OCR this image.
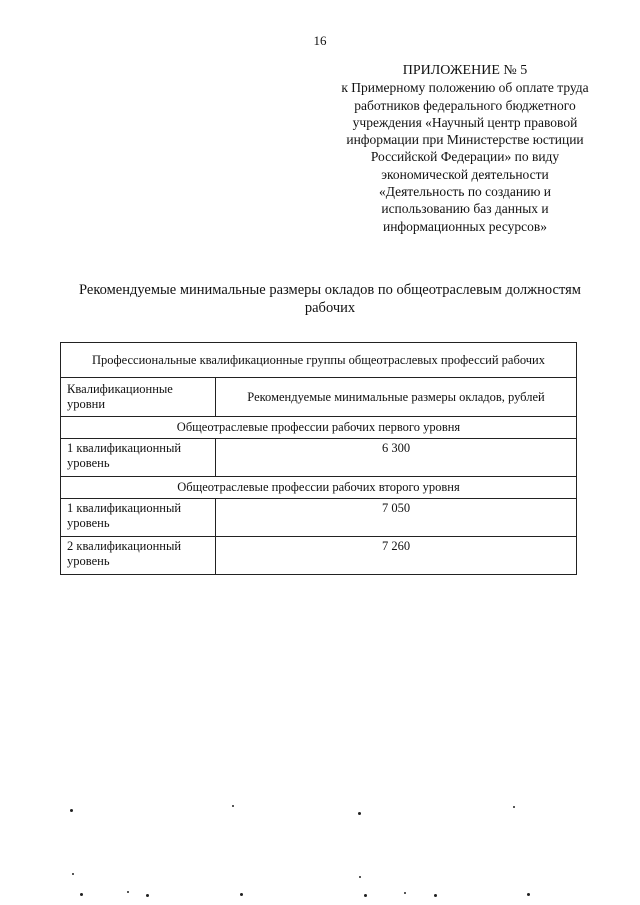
16
ПРИЛОЖЕНИЕ № 5
к Примерному положению об оплате труда
работников федерального бюджетного
учреждения «Научный центр правовой
информации при Министерстве юстиции
Российской Федерации» по виду
экономической деятельности
«Деятельность по созданию и
использованию баз данных и
информационных ресурсов»
Рекомендуемые минимальные размеры окладов по общеотраслевым должностям
рабочих
Профессиональные квалификационные группы общеотраслевых профессий рабочих	
Квалификационные уровни	Рекомендуемые минимальные размеры окладов, рублей
Общеотраслевые профессии рабочих первого уровня	
1 квалификационный уровень	6 300
Общеотраслевые профессии рабочих второго уровня	
1 квалификационный уровень	7 050
2 квалификационный уровень	7 260
